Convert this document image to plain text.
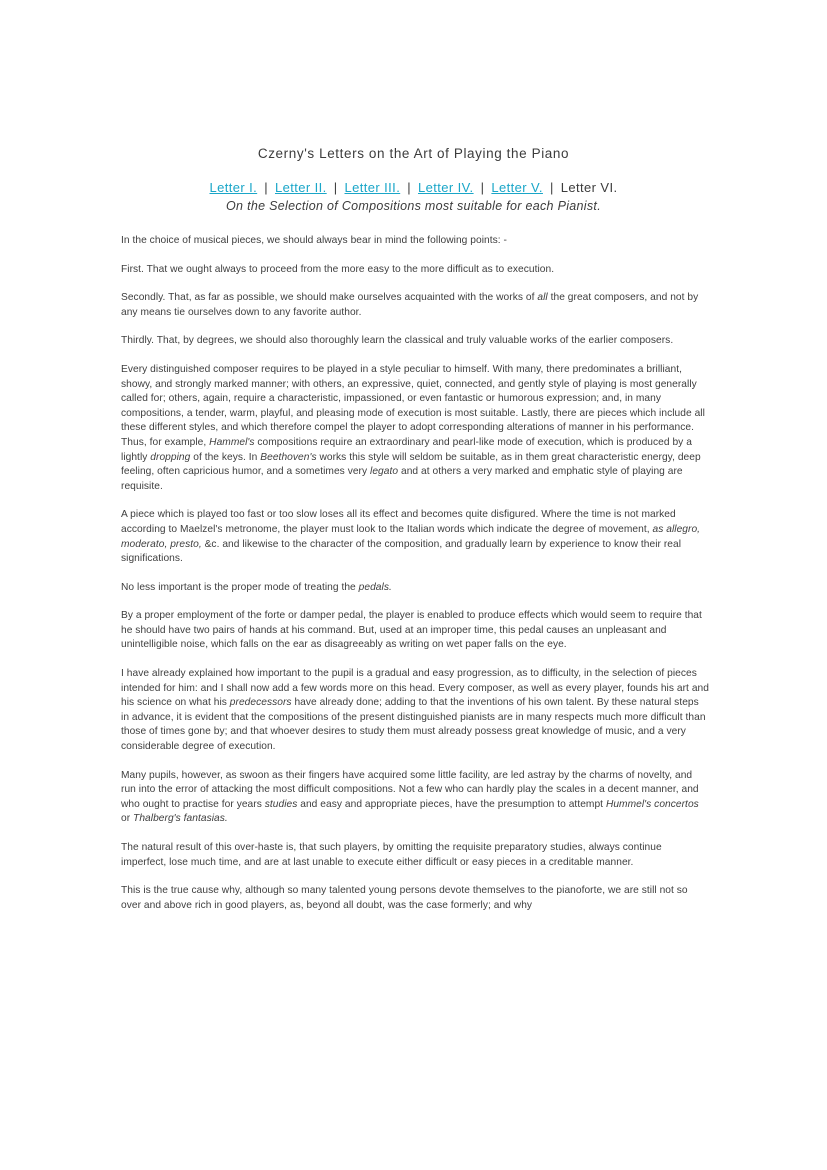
Czerny's Letters on the Art of Playing the Piano
Letter I. | Letter II. | Letter III. | Letter IV. | Letter V. | Letter VI.
On the Selection of Compositions most suitable for each Pianist.

In the choice of musical pieces, we should always bear in mind the following points: -

First. That we ought always to proceed from the more easy to the more difficult as to execution.

Secondly. That, as far as possible, we should make ourselves acquainted with the works of all the great composers, and not by any means tie ourselves down to any favorite author.

Thirdly. That, by degrees, we should also thoroughly learn the classical and truly valuable works of the earlier composers.

Every distinguished composer requires to be played in a style peculiar to himself. With many, there predominates a brilliant, showy, and strongly marked manner; with others, an expressive, quiet, connected, and gently style of playing is most generally called for; others, again, require a characteristic, impassioned, or even fantastic or humorous expression; and, in many compositions, a tender, warm, playful, and pleasing mode of execution is most suitable. Lastly, there are pieces which include all these different styles, and which therefore compel the player to adopt corresponding alterations of manner in his performance. Thus, for example, Hammel's compositions require an extraordinary and pearl-like mode of execution, which is produced by a lightly dropping of the keys. In Beethoven's works this style will seldom be suitable, as in them great characteristic energy, deep feeling, often capricious humor, and a sometimes very legato and at others a very marked and emphatic style of playing are requisite.

A piece which is played too fast or too slow loses all its effect and becomes quite disfigured. Where the time is not marked according to Maelzel's metronome, the player must look to the Italian words which indicate the degree of movement, as allegro, moderato, presto, &c. and likewise to the character of the composition, and gradually learn by experience to know their real significations.

No less important is the proper mode of treating the pedals.

By a proper employment of the forte or damper pedal, the player is enabled to produce effects which would seem to require that he should have two pairs of hands at his command. But, used at an improper time, this pedal causes an unpleasant and unintelligible noise, which falls on the ear as disagreeably as writing on wet paper falls on the eye.

I have already explained how important to the pupil is a gradual and easy progression, as to difficulty, in the selection of pieces intended for him: and I shall now add a few words more on this head. Every composer, as well as every player, founds his art and his science on what his predecessors have already done; adding to that the inventions of his own talent. By these natural steps in advance, it is evident that the compositions of the present distinguished pianists are in many respects much more difficult than those of times gone by; and that whoever desires to study them must already possess great knowledge of music, and a very considerable degree of execution.

Many pupils, however, as swoon as their fingers have acquired some little facility, are led astray by the charms of novelty, and run into the error of attacking the most difficult compositions. Not a few who can hardly play the scales in a decent manner, and who ought to practise for years studies and easy and appropriate pieces, have the presumption to attempt Hummel's concertos or Thalberg's fantasias.

The natural result of this over-haste is, that such players, by omitting the requisite preparatory studies, always continue imperfect, lose much time, and are at last unable to execute either difficult or easy pieces in a creditable manner.

This is the true cause why, although so many talented young persons devote themselves to the pianoforte, we are still not so over and above rich in good players, as, beyond all doubt, was the case formerly; and why
